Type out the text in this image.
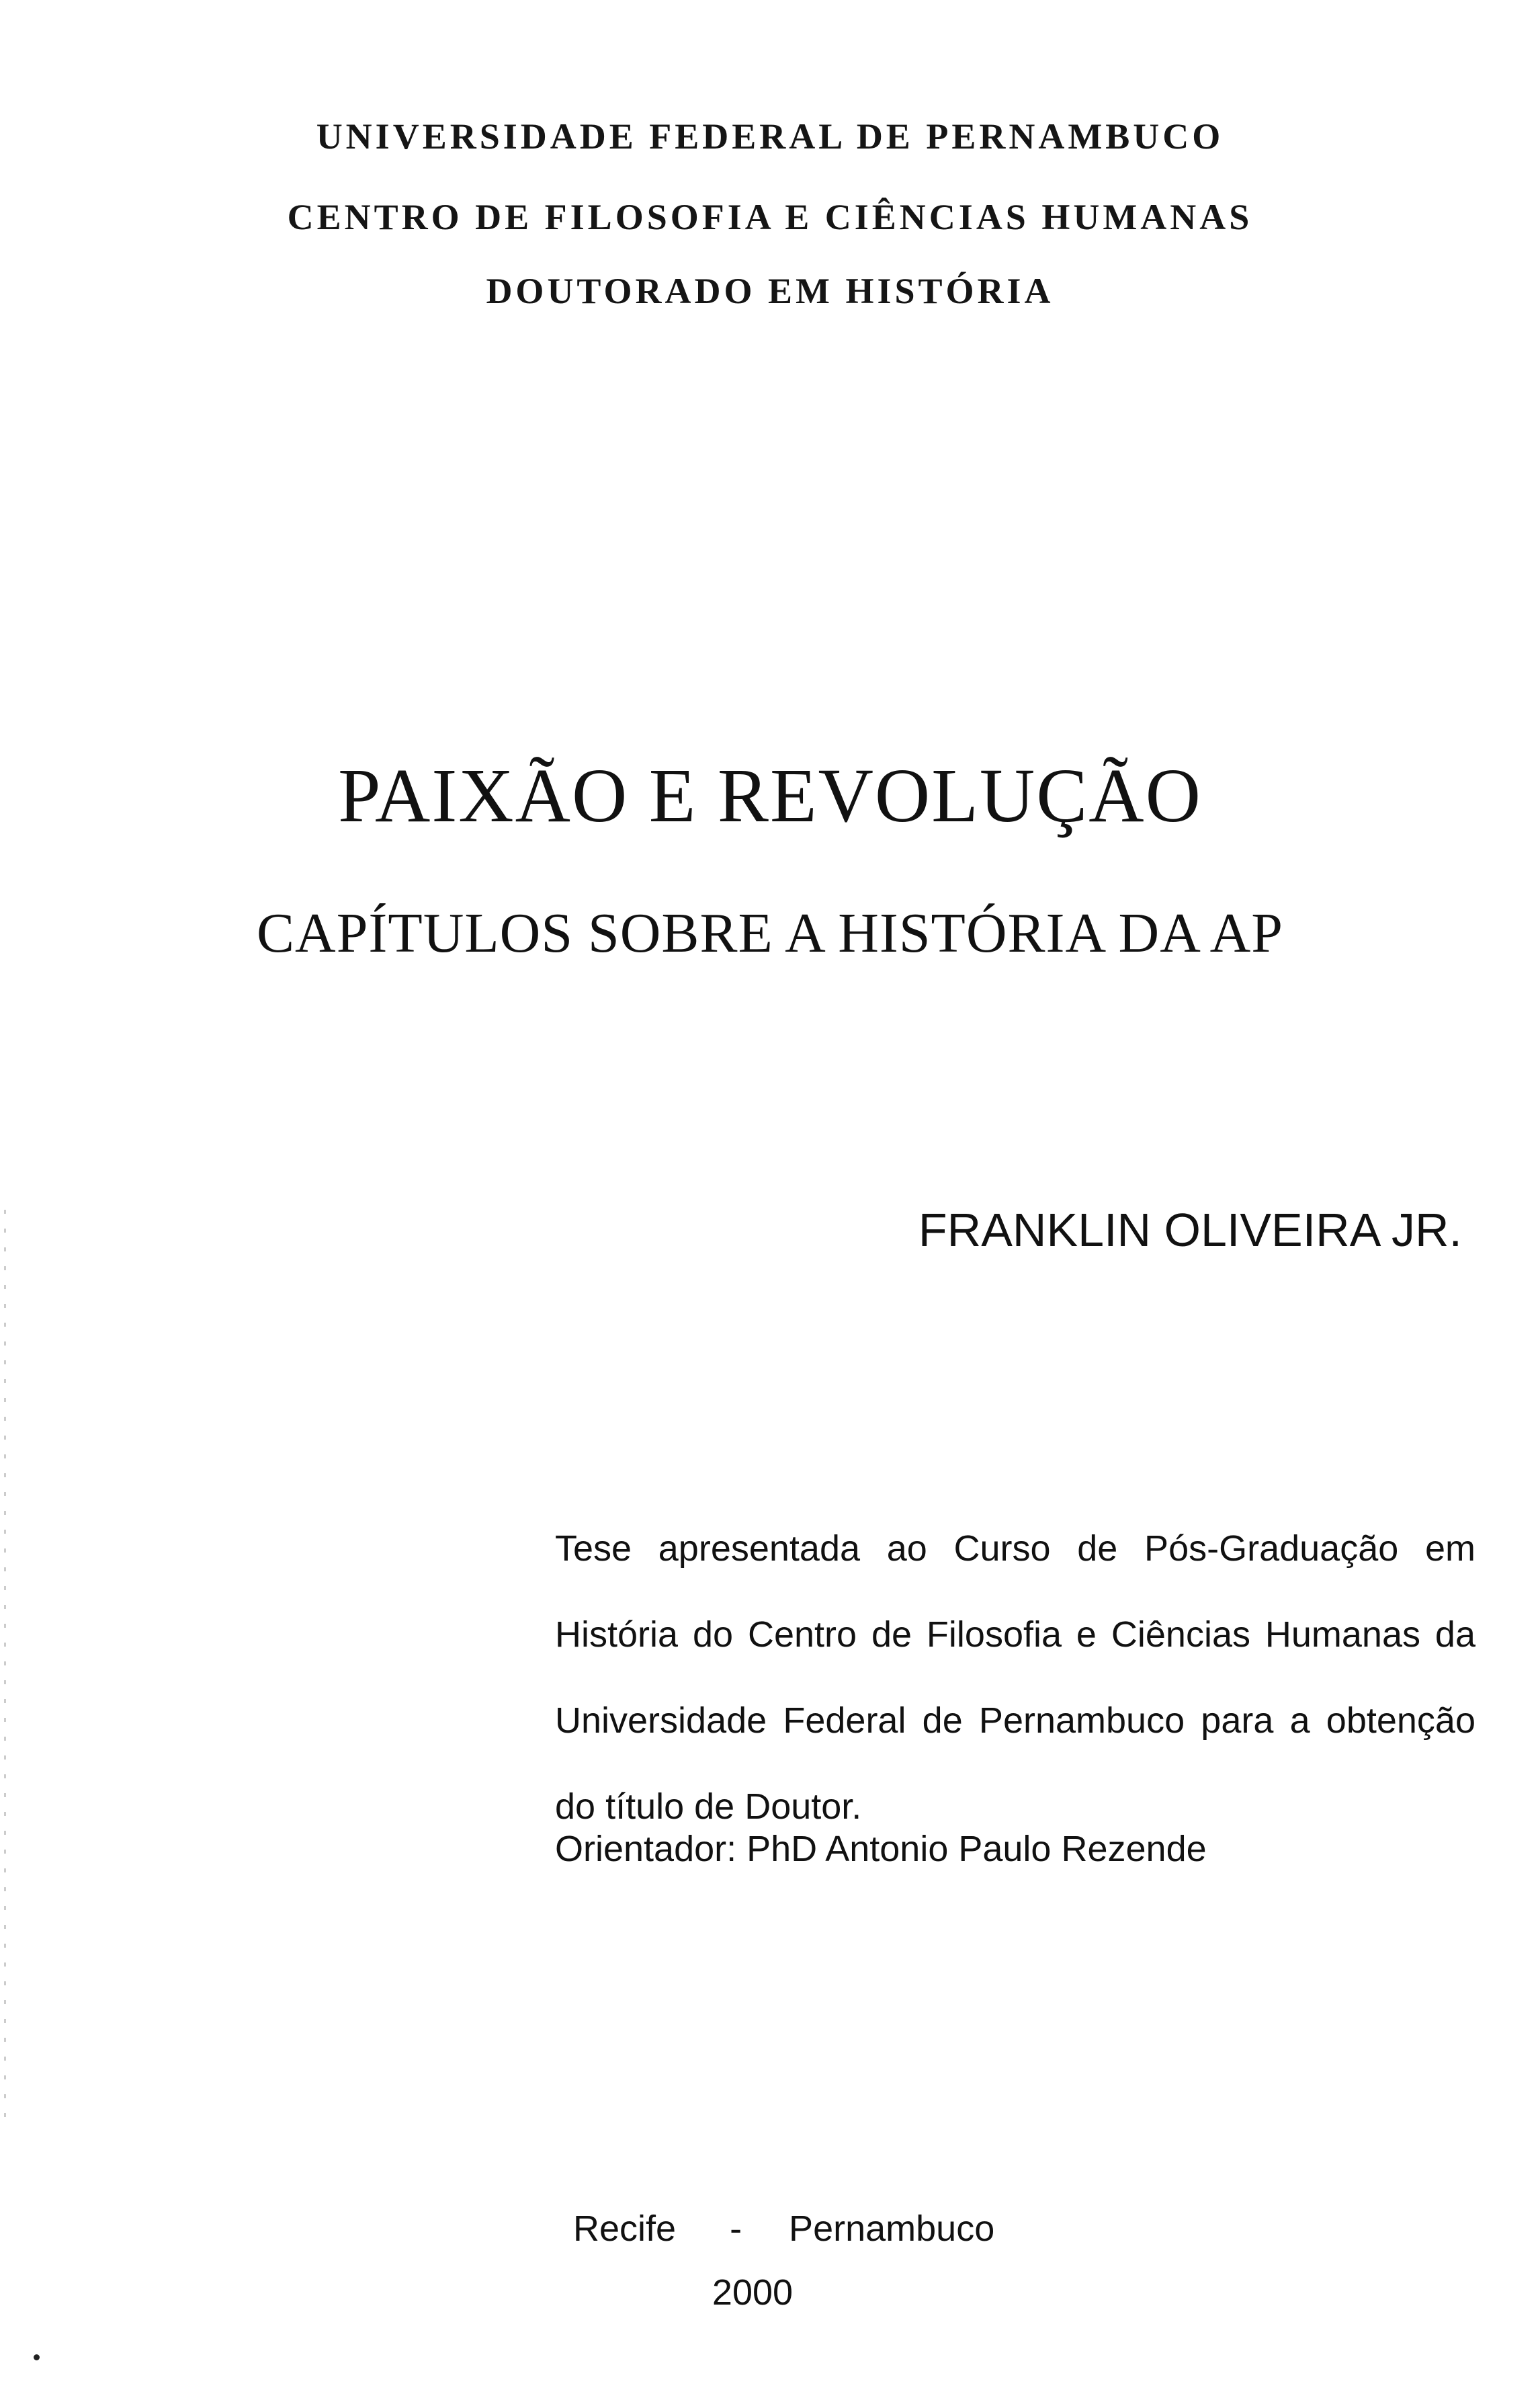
UNIVERSIDADE FEDERAL DE PERNAMBUCO
CENTRO DE FILOSOFIA E CIÊNCIAS HUMANAS
DOUTORADO EM HISTÓRIA
PAIXÃO E REVOLUÇÃO
CAPÍTULOS SOBRE A HISTÓRIA DA AP
FRANKLIN OLIVEIRA JR.
Tese apresentada ao Curso de Pós-Graduação em História do Centro de Filosofia e Ciências Humanas da Universidade Federal de Pernambuco para a obtenção do título de Doutor.
Orientador: PhD Antonio Paulo Rezende
Recife - Pernambuco
2000
